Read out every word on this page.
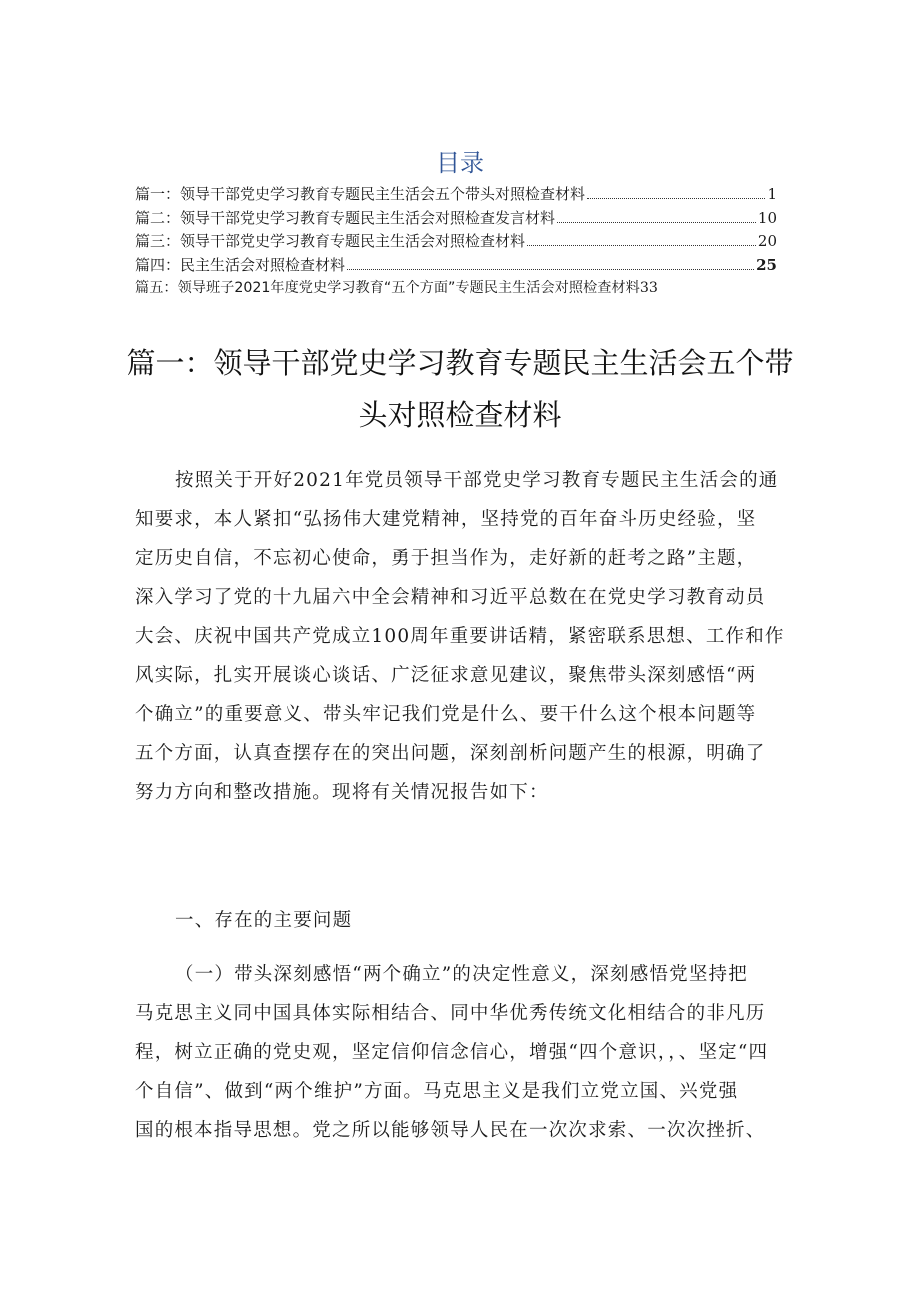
目录
篇一：领导干部党史学习教育专题民主生活会五个带头对照检查材料	1
篇二：领导干部党史学习教育专题民主生活会对照检查发言材料	10
篇三：领导干部党史学习教育专题民主生活会对照检查材料	20
篇四：民主生活会对照检查材料	25
篇五：领导班子2021年度党史学习教育“五个方面”专题民主生活会对照检查材料 33
篇一：领导干部党史学习教育专题民主生活会五个带
头对照检查材料
按照关于开好2021年党员领导干部党史学习教育专题民主生活会的通
知要求，本人紧扣“弘扬伟大建党精神，坚持党的百年奋斗历史经验，坚
定历史自信，不忘初心使命，勇于担当作为，走好新的赶考之路”主题，
深入学习了党的十九届六中全会精神和习近平总数在在党史学习教育动员
大会、庆祝中国共产党成立100周年重要讲话精，紧密联系思想、工作和作
风实际，扎实开展谈心谈话、广泛征求意见建议，聚焦带头深刻感悟“两
个确立”的重要意义、带头牢记我们党是什么、要干什么这个根本问题等
五个方面，认真查摆存在的突出问题，深刻剖析问题产生的根源，明确了
努力方向和整改措施。现将有关情况报告如下：
一、存在的主要问题
（一）带头深刻感悟“两个确立”的决定性意义，深刻感悟党坚持把
马克思主义同中国具体实际相结合、同中华优秀传统文化相结合的非凡历
程，树立正确的党史观，坚定信仰信念信心，增强“四个意识，，、坚定“四
个自信”、做到“两个维护”方面。马克思主义是我们立党立国、兴党强
国的根本指导思想。党之所以能够领导人民在一次次求索、一次次挫折、
